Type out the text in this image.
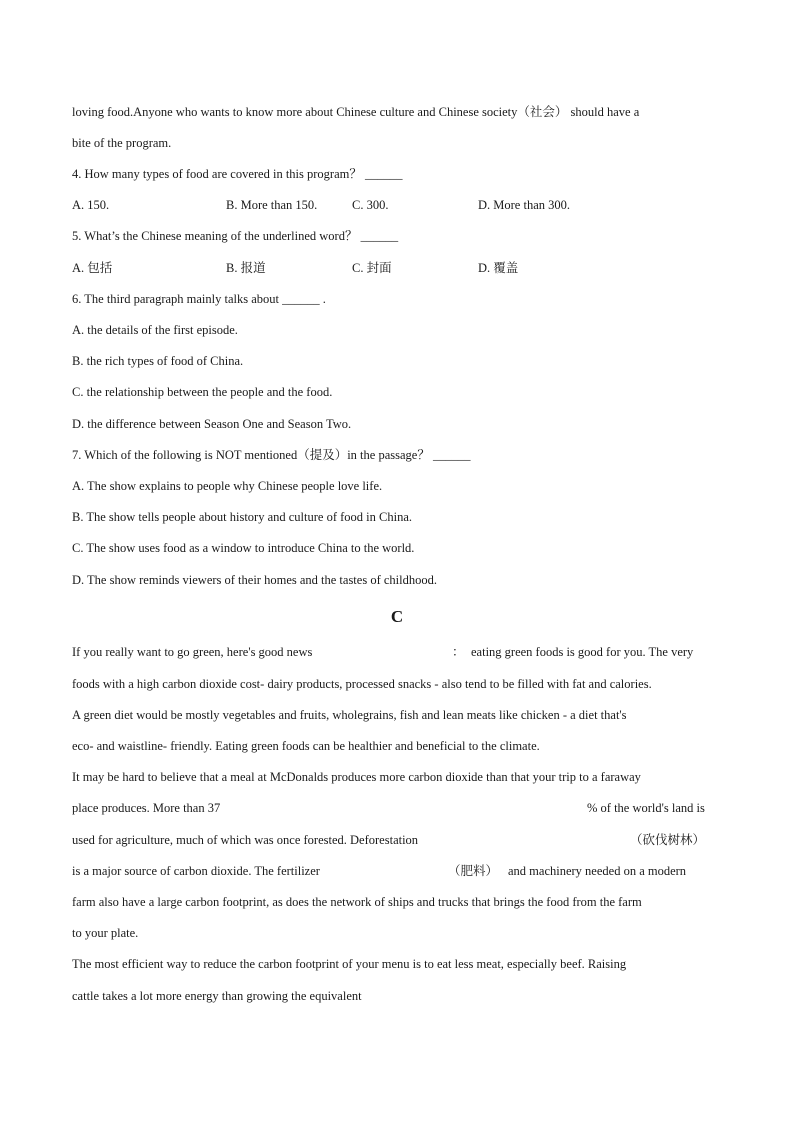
loving food.Anyone who wants to know more about Chinese culture and Chinese society（社会） should have a
bite of the program.
4. How many types of food are covered in this program？ ______
A. 150.	B. More than 150.	C. 300.	D. More than 300.
5. What’s the Chinese meaning of the underlined word？ ______
A. 包括	B. 报道	C. 封面	D. 覆盖
6. The third paragraph mainly talks about ______ .
A. the details of the first episode.
B. the rich types of food of China.
C. the relationship between the people and the food.
D. the difference between Season One and Season Two.
7. Which of the following is NOT mentioned（提及）in the passage？ ______
A. The show explains to people why Chinese people love life.
B. The show tells people about history and culture of food in China.
C. The show uses food as a window to introduce China to the world.
D. The show reminds viewers of their homes and the tastes of childhood.
C
If you really want to go green, here's good news	： eating green foods is good for you. The very
foods with a high carbon dioxide cost- dairy products, processed snacks - also tend to be filled with fat and calories.
A green diet would be mostly vegetables and fruits, wholegrains, fish and lean meats like chicken - a diet that's
eco- and waistline- friendly. Eating green foods can be healthier and beneficial to the climate.
It may be hard to believe that a meal at McDonalds produces more carbon dioxide than that your trip to a faraway
place produces. More than 37	% of the world's land is
used for agriculture, much of which was once forested. Deforestation	（砍伐树林）
is a major source of carbon dioxide. The fertilizer	（肥料） and machinery needed on a modern
farm also have a large carbon footprint, as does the network of ships and trucks that brings the food from the farm
to your plate.
The most efficient way to reduce the carbon footprint of your menu is to eat less meat, especially beef. Raising
cattle takes a lot more energy than growing the equivalent
